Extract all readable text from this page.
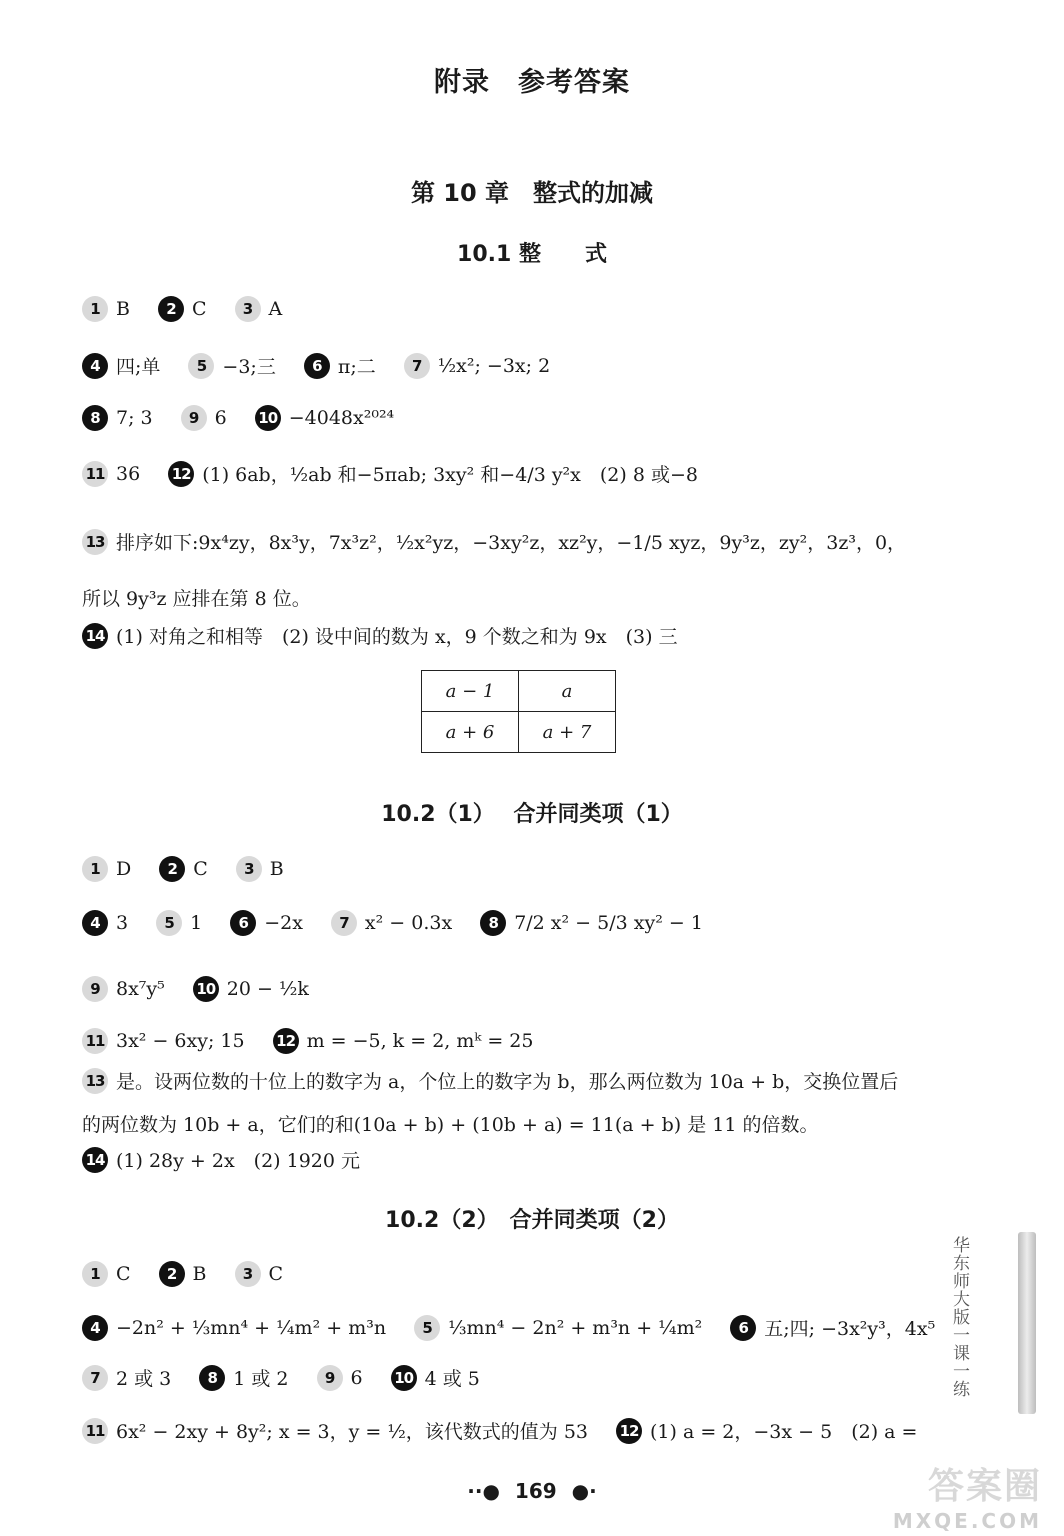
附录　参考答案
第 10 章　整式的加减
10.1 整　　式
1 B	2 C	3 A
4 四;单	5 −3;三	6 π;二	7 ½x²; −3x; 2
8 7; 3	9 6 10 −4048x²⁰²⁴
11 36 12 (1) 6ab，½ab 和−5πab; 3xy² 和−4/3 y²x　(2) 8 或−8
13 排序如下:9x⁴zy，8x³y，7x³z²，½x²yz，−3xy²z，xz²y，−1/5 xyz，9y³z，zy²，3z³，0，
所以 9y³z 应排在第 8 位。
14 (1) 对角之和相等　(2) 设中间的数为 x，9 个数之和为 9x　(3) 三
a − 1	a
a + 6	a + 7
10.2（1）　 合并同类项（1）
1 D	2 C	3 B
4 3	5 1	6 −2x	7 x² − 0.3x	8 7/2 x² − 5/3 xy² − 1
9 8x⁷y⁵ 10 20 − ½k
11 3x² − 6xy; 15 12 m = −5, k = 2, mᵏ = 25
13 是。设两位数的十位上的数字为 a，个位上的数字为 b，那么两位数为 10a + b，交换位置后
的两位数为 10b + a，它们的和(10a + b) + (10b + a) = 11(a + b) 是 11 的倍数。
14 (1) 28y + 2x　(2) 1920 元
10.2（2）　合并同类项（2）
1 C	2 B	3 C
4 −2n² + ⅓mn⁴ + ¼m² + m³n	5 ⅓mn⁴ − 2n² + m³n + ¼m²	6 五;四; −3x²y³，4x⁵
7 2 或 3	8 1 或 2	9 6 10 4 或 5
11 6x² − 2xy + 8y²; x = 3，y = ½，该代数式的值为 53 12 (1) a = 2，−3x − 5　(2) a =
华东师大版一课一练
··● 169 ●·	答案圈
MXQE.COM
